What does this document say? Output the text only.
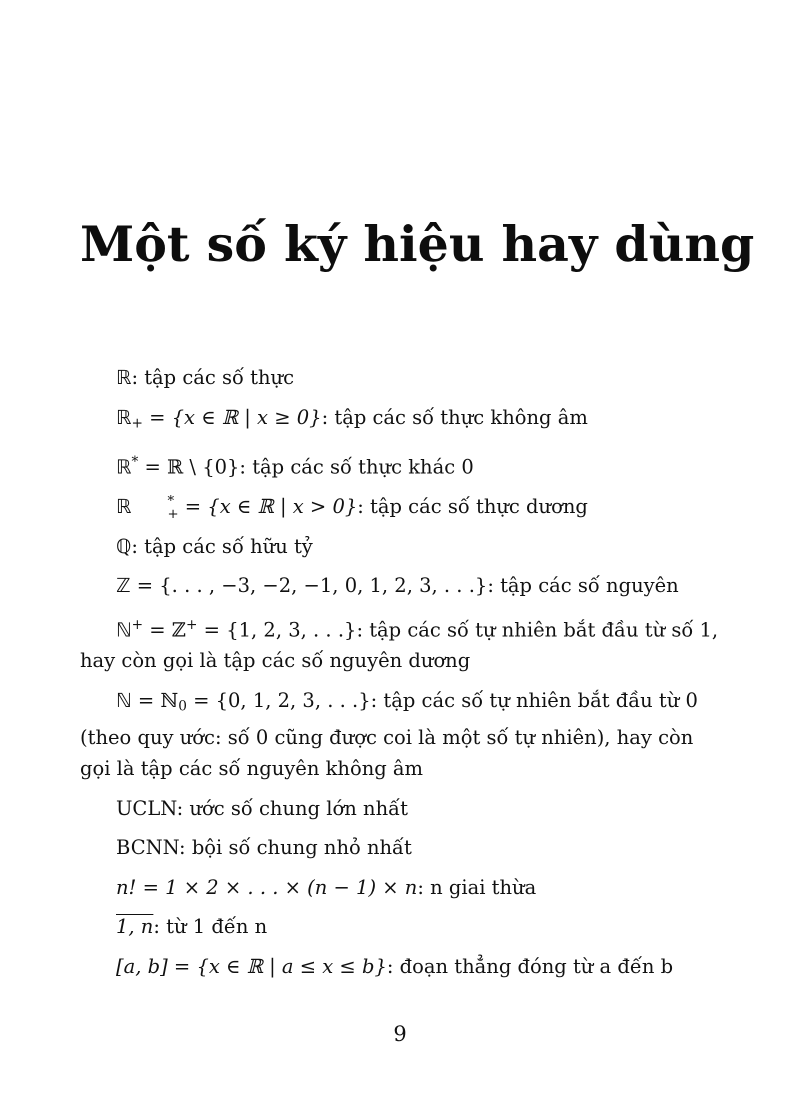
Một số ký hiệu hay dùng
ℝ: tập các số thực
ℝ$_+$ = {x ∈ ℝ | x ≥ 0}: tập các số thực không âm
ℝ* = ℝ \ {0}: tập các số thực khác 0
ℝ	*
+ = {x ∈ ℝ | x > 0}: tập các số thực dương
ℚ: tập các số hữu tỷ
ℤ = {. . . , −3, −2, −1, 0, 1, 2, 3, . . .}: tập các số nguyên
ℕ+ = ℤ+ = {1, 2, 3, . . .}: tập các số tự nhiên bắt đầu từ số 1, hay còn gọi là tập các số nguyên dương
ℕ = ℕ$_0$ = {0, 1, 2, 3, . . .}: tập các số tự nhiên bắt đầu từ 0 (theo quy ước: số 0 cũng được coi là một số tự nhiên), hay còn gọi là tập các số nguyên không âm
UCLN: ước số chung lớn nhất
BCNN: bội số chung nhỏ nhất
n! = 1 × 2 × . . . × (n − 1) × n: n giai thừa
1, n: từ 1 đến n
[a, b] = {x ∈ ℝ | a ≤ x ≤ b}: đoạn thẳng đóng từ a đến b
9
